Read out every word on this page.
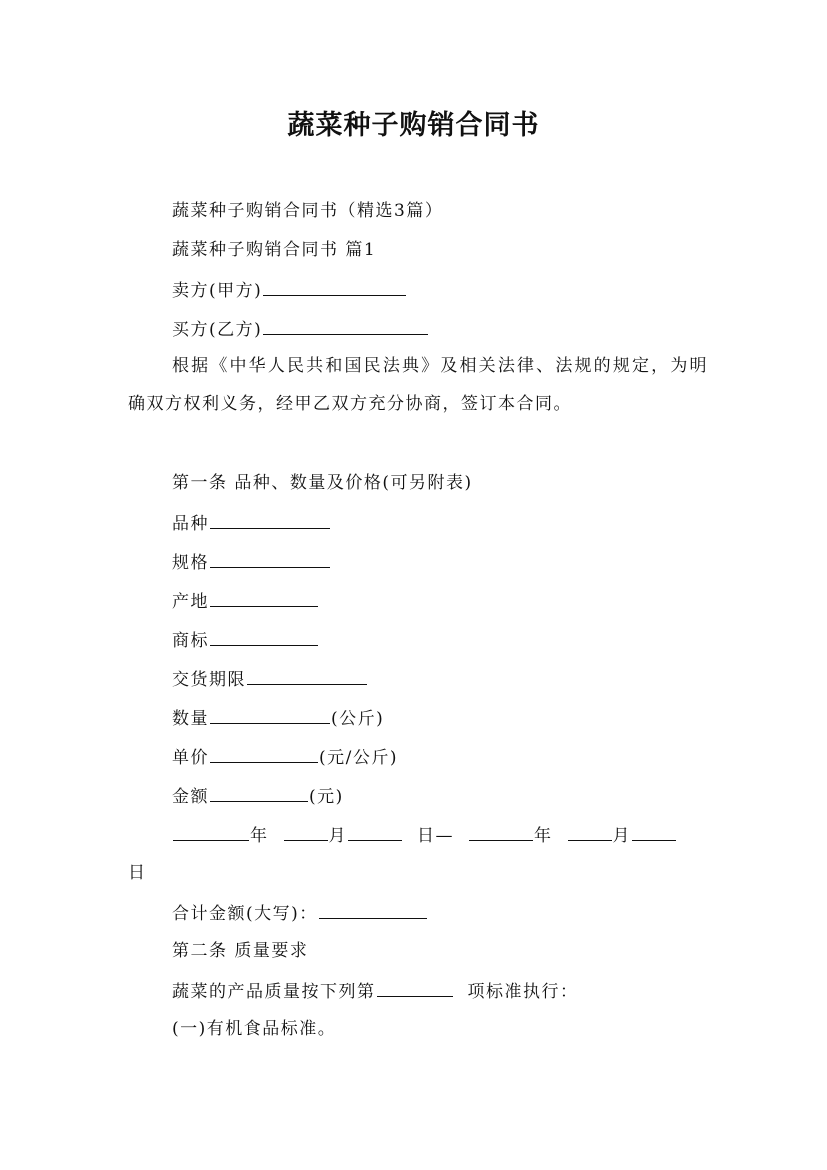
蔬菜种子购销合同书

蔬菜种子购销合同书（精选3篇）

蔬菜种子购销合同书 篇1

卖方(甲方)

买方(乙方)

根据《中华人民共和国民法典》及相关法律、法规的规定，为明确双方权利义务，经甲乙双方充分协商，签订本合同。

第一条 品种、数量及价格(可另附表)

品种

规格

产地

商标

交货期限

数量	(公斤)

单价	(元/公斤)

金额	(元)

年	月	日—	年	月

日

合计金额(大写)：

第二条 质量要求

蔬菜的产品质量按下列第	项标准执行：

(一)有机食品标准。
